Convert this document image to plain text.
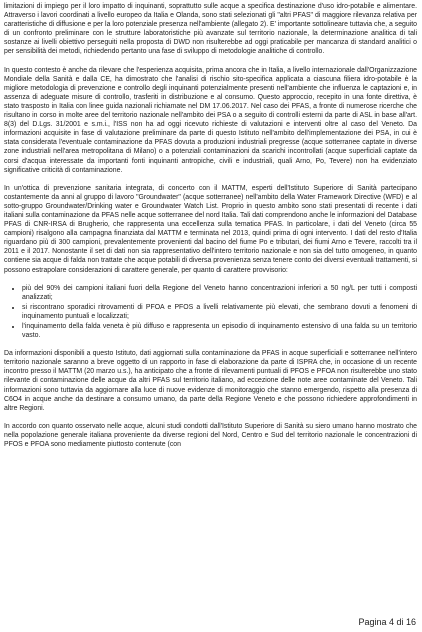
limitazioni di impiego per il loro impatto di inquinanti, soprattutto sulle acque a specifica destinazione d'uso idro-potabile e alimentare. Attraverso i lavori coordinati a livello europeo da Italia e Olanda, sono stati selezionati gli "altri PFAS" di maggiore rilevanza relativa per caratteristiche di diffusione e per la loro potenziale presenza nell'ambiente (allegato 2). E' importante sottolineare tuttavia che, a seguito di un confronto preliminare con le strutture laboratoristiche più avanzate sul territorio nazionale, la determinazione analitica di tali sostanze ai livelli obiettivo perseguiti nella proposta di DWD non risulterebbe ad oggi praticabile per mancanza di standard analitici o per sensibilità dei metodi, richiedendo pertanto una fase di sviluppo di metodologie analitiche di controllo.

In questo contesto è anche da rilevare che l'esperienza acquisita, prima ancora che in Italia, a livello internazionale dall'Organizzazione Mondiale della Sanità e dalla CE, ha dimostrato che l'analisi di rischio sito-specifica applicata a ciascuna filiera idro-potabile è la migliore metodologia di prevenzione e controllo degli inquinanti potenzialmente presenti nell'ambiente che influenza le captazioni e, in assenza di adeguate misure di controllo, trasferiti in distribuzione e al consumo. Questo approccio, recepito in una fonte direttiva, è stato trasposto in Italia con linee guida nazionali richiamate nel DM 17.06.2017. Nel caso dei PFAS, a fronte di numerose ricerche che risultano in corso in molte aree del territorio nazionale nell'ambito dei PSA o a seguito di controlli esterni da parte di ASL in base all'art. 8(3) del D.Lgs. 31/2001 e s.m.i., l'ISS non ha ad oggi ricevuto richieste di valutazioni e interventi oltre al caso del Veneto. Da informazioni acquisite in fase di valutazione preliminare da parte di questo Istituto nell'ambito dell'implementazione dei PSA, in cui è stata considerata l'eventuale contaminazione da PFAS dovuta a produzioni industriali pregresse (acque sotterranee captate in diverse zone industriali nell'area metropolitana di Milano) o a potenziali contaminazioni da scarichi incontrollati (acque superficiali captate da corsi d'acqua interessate da importanti fonti inquinanti antropiche, civili e industriali, quali Arno, Po, Tevere) non ha evidenziato significative criticità di contaminazione.

In un'ottica di prevenzione sanitaria integrata, di concerto con il MATTM, esperti dell'Istituto Superiore di Sanità partecipano costantemente da anni al gruppo di lavoro "Groundwater" (acque sotterranee) nell'ambito della Water Framework Directive (WFD) e al sotto-gruppo Groundwater/Drinking water e Groundwater Watch List. Proprio in questo ambito sono stati presentati di recente i dati italiani sulla contaminazione da PFAS nelle acque sotterranee del nord Italia. Tali dati comprendono anche le informazioni del Database PFAS di CNR-IRSA di Brugherio, che rappresenta una eccellenza sulla tematica PFAS. In particolare, i dati del Veneto (circa 55 campioni) risalgono alla campagna finanziata dal MATTM e terminata nel 2013, quindi prima di ogni intervento. I dati del resto d'Italia riguardano più di 300 campioni, prevalentemente provenienti dal bacino del fiume Po e tributari, dei fiumi Arno e Tevere, raccolti tra il 2011 e il 2017. Nonostante il set di dati non sia rappresentativo dell'intero territorio nazionale e non sia del tutto omogeneo, in quanto contiene sia acque di falda non trattate che acque potabili di diversa provenienza senza tenere conto dei diversi eventuali trattamenti, si possono estrapolare considerazioni di carattere generale, per quanto di carattere provvisorio:

• più del 90% dei campioni italiani fuori della Regione del Veneto hanno concentrazioni inferiori a 50 ng/L per tutti i composti analizzati;
• si riscontrano sporadici ritrovamenti di PFOA e PFOS a livelli relativamente più elevati, che sembrano dovuti a fenomeni di inquinamento puntuali e localizzati;
• l'inquinamento della falda veneta è più diffuso e rappresenta un episodio di inquinamento estensivo di una falda su un territorio vasto.

Da informazioni disponibili a questo Istituto, dati aggiornati sulla contaminazione da PFAS in acque superficiali e sotterranee nell'intero territorio nazionale saranno a breve oggetto di un rapporto in fase di elaborazione da parte di ISPRA che, in occasione di un recente incontro presso il MATTM (20 marzo u.s.), ha anticipato che a fronte di rilevamenti puntuali di PFOS e PFOA non risulterebbe uno stato rilevante di contaminazione delle acque da altri PFAS sul territorio italiano, ad eccezione delle note aree contaminate del Veneto. Tali informazioni sono tuttavia da aggiornare alla luce di nuove evidenze di monitoraggio che stanno emergendo, rispetto alla presenza di C6O4 in acque anche da destinare a consumo umano, da parte della Regione Veneto e che possono richiedere approfondimenti in altre Regioni.

In accordo con quanto osservato nelle acque, alcuni studi condotti dall'Istituto Superiore di Sanità su siero umano hanno mostrato che nella popolazione generale italiana proveniente da diverse regioni del Nord, Centro e Sud del territorio nazionale le concentrazioni di PFOS e PFOA sono mediamente piuttosto contenute (con

Pagina 4 di 16
